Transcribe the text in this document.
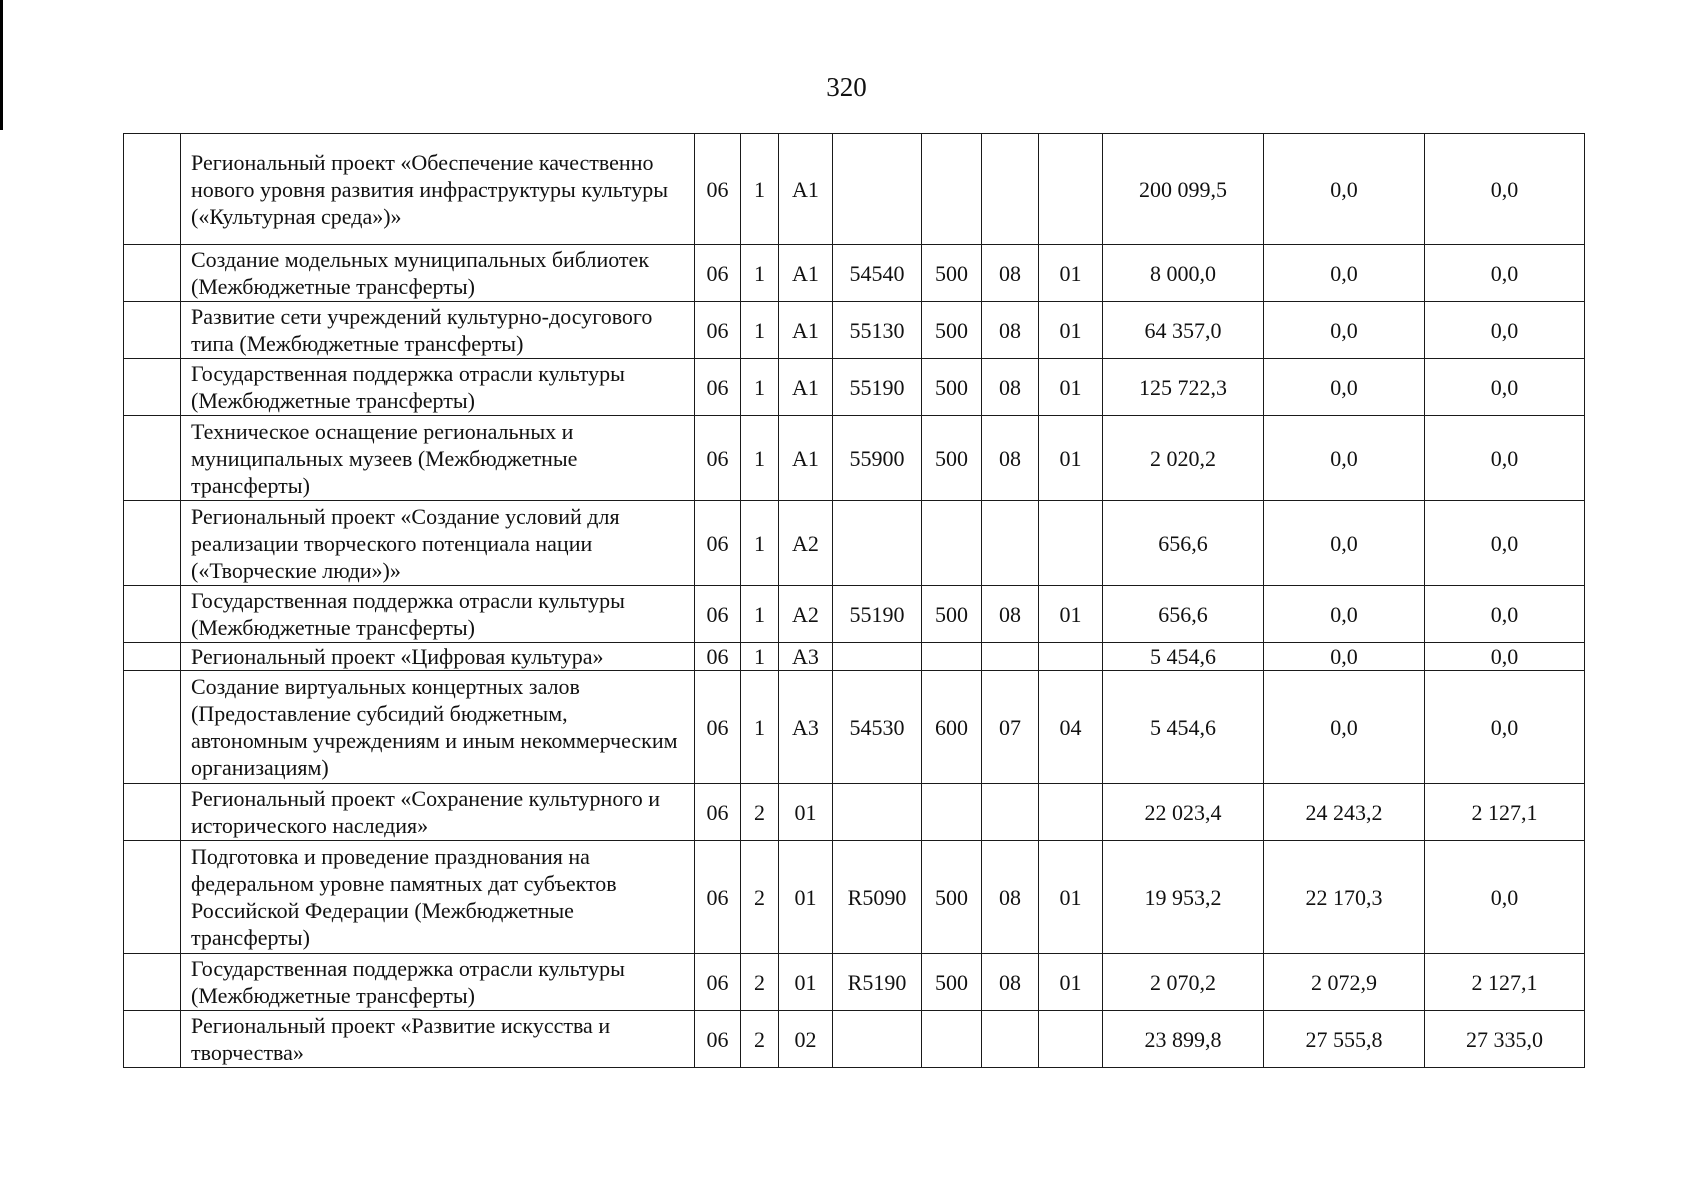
320
	Региональный проект «Обеспечение качественно нового уровня развития инфраструктуры культуры («Культурная среда»)»	06	1	A1					200 099,5	0,0	0,0
	Создание модельных муниципальных библиотек (Межбюджетные трансферты)	06	1	A1	54540	500	08	01	8 000,0	0,0	0,0
	Развитие сети учреждений культурно-досугового типа (Межбюджетные трансферты)	06	1	A1	55130	500	08	01	64 357,0	0,0	0,0
	Государственная поддержка отрасли культуры (Межбюджетные трансферты)	06	1	A1	55190	500	08	01	125 722,3	0,0	0,0
	Техническое оснащение региональных и муниципальных музеев (Межбюджетные трансферты)	06	1	A1	55900	500	08	01	2 020,2	0,0	0,0
	Региональный проект «Создание условий для реализации творческого потенциала нации («Творческие люди»)»	06	1	A2					656,6	0,0	0,0
	Государственная поддержка отрасли культуры (Межбюджетные трансферты)	06	1	A2	55190	500	08	01	656,6	0,0	0,0
	Региональный проект «Цифровая культура»	06	1	A3					5 454,6	0,0	0,0
	Создание виртуальных концертных залов (Предоставление субсидий бюджетным, автономным учреждениям и иным некоммерческим организациям)	06	1	A3	54530	600	07	04	5 454,6	0,0	0,0
	Региональный проект «Сохранение культурного и исторического наследия»	06	2	01					22 023,4	24 243,2	2 127,1
	Подготовка и проведение празднования на федеральном уровне памятных дат субъектов Российской Федерации (Межбюджетные трансферты)	06	2	01	R5090	500	08	01	19 953,2	22 170,3	0,0
	Государственная поддержка отрасли культуры (Межбюджетные трансферты)	06	2	01	R5190	500	08	01	2 070,2	2 072,9	2 127,1
	Региональный проект «Развитие искусства и творчества»	06	2	02					23 899,8	27 555,8	27 335,0
